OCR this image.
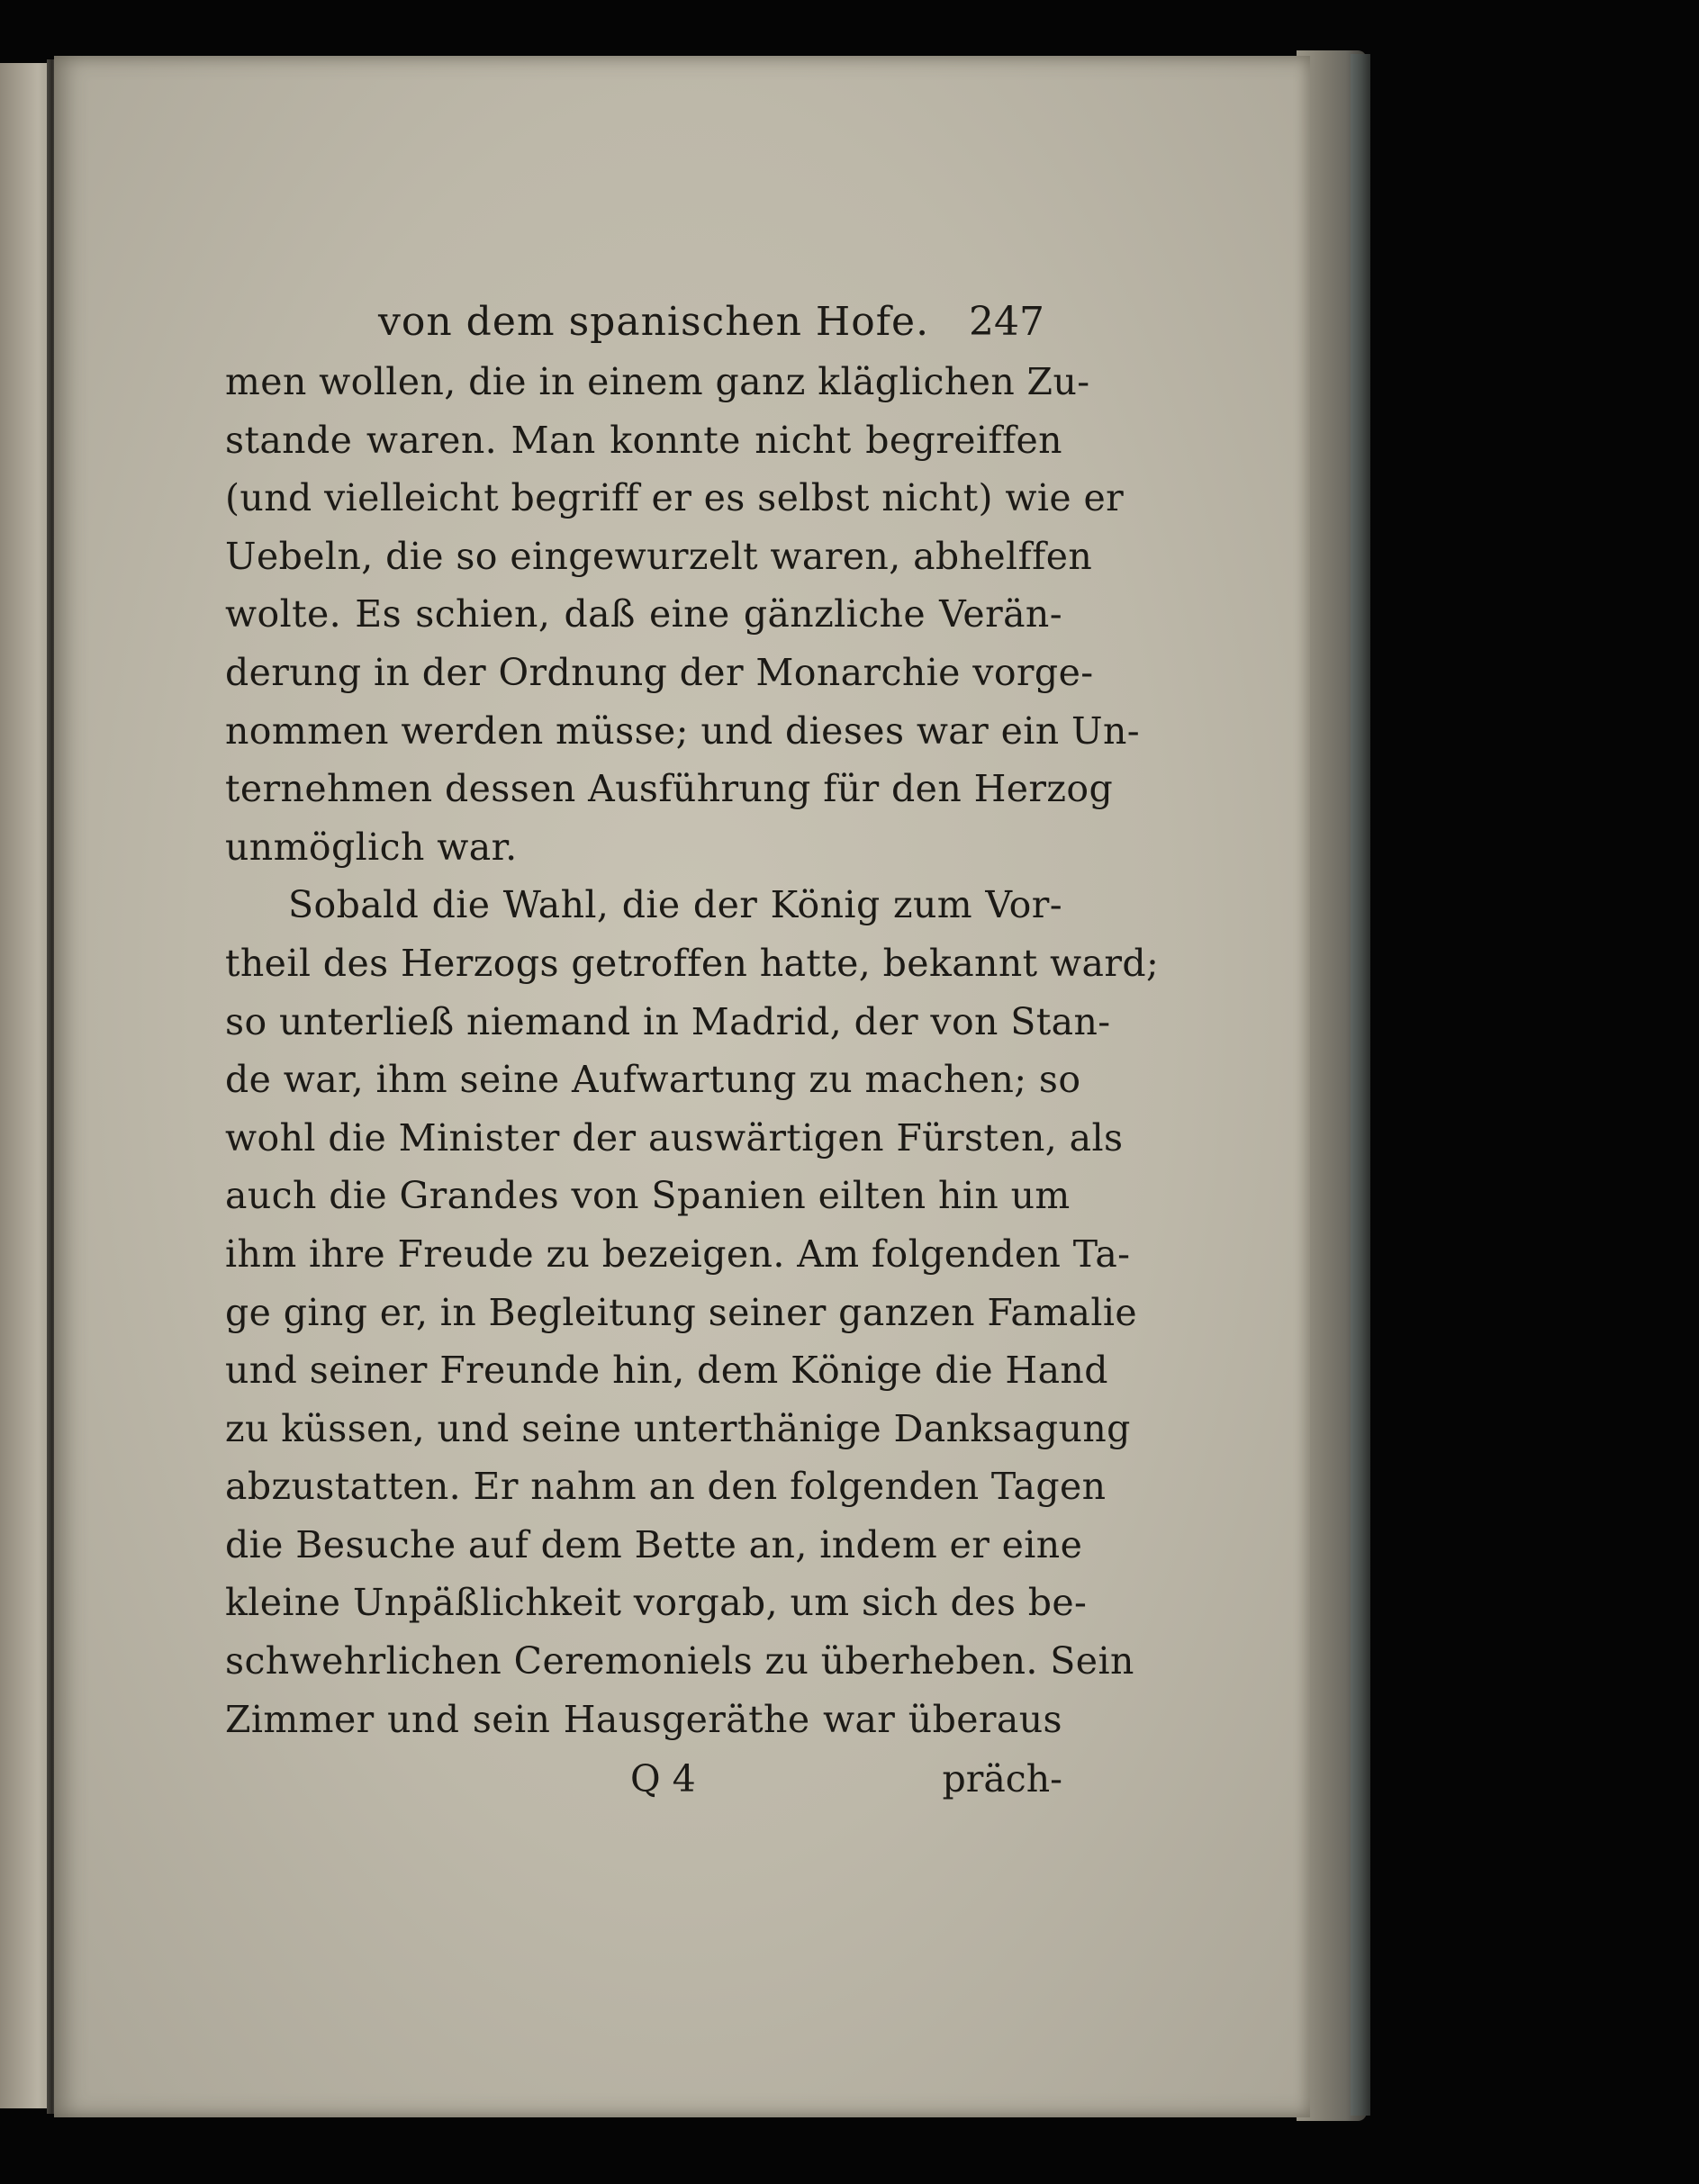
von dem spanischen Hofe. 247
men wollen, die in einem ganz kläglichen Zu-
stande waren. Man konnte nicht begreiffen
(und vielleicht begriff er es selbst nicht) wie er
Uebeln, die so eingewurzelt waren, abhelffen
wolte. Es schien, daß eine gänzliche Verän-
derung in der Ordnung der Monarchie vorge-
nommen werden müsse; und dieses war ein Un-
ternehmen dessen Ausführung für den Herzog
unmöglich war.
Sobald die Wahl, die der König zum Vor-
theil des Herzogs getroffen hatte, bekannt ward;
so unterließ niemand in Madrid, der von Stan-
de war, ihm seine Aufwartung zu machen; so
wohl die Minister der auswärtigen Fürsten, als
auch die Grandes von Spanien eilten hin um
ihm ihre Freude zu bezeigen. Am folgenden Ta-
ge ging er, in Begleitung seiner ganzen Famalie
und seiner Freunde hin, dem Könige die Hand
zu küssen, und seine unterthänige Danksagung
abzustatten. Er nahm an den folgenden Tagen
die Besuche auf dem Bette an, indem er eine
kleine Unpäßlichkeit vorgab, um sich des be-
schwehrlichen Ceremoniels zu überheben. Sein
Zimmer und sein Hausgeräthe war überaus
Q 4	präch-
